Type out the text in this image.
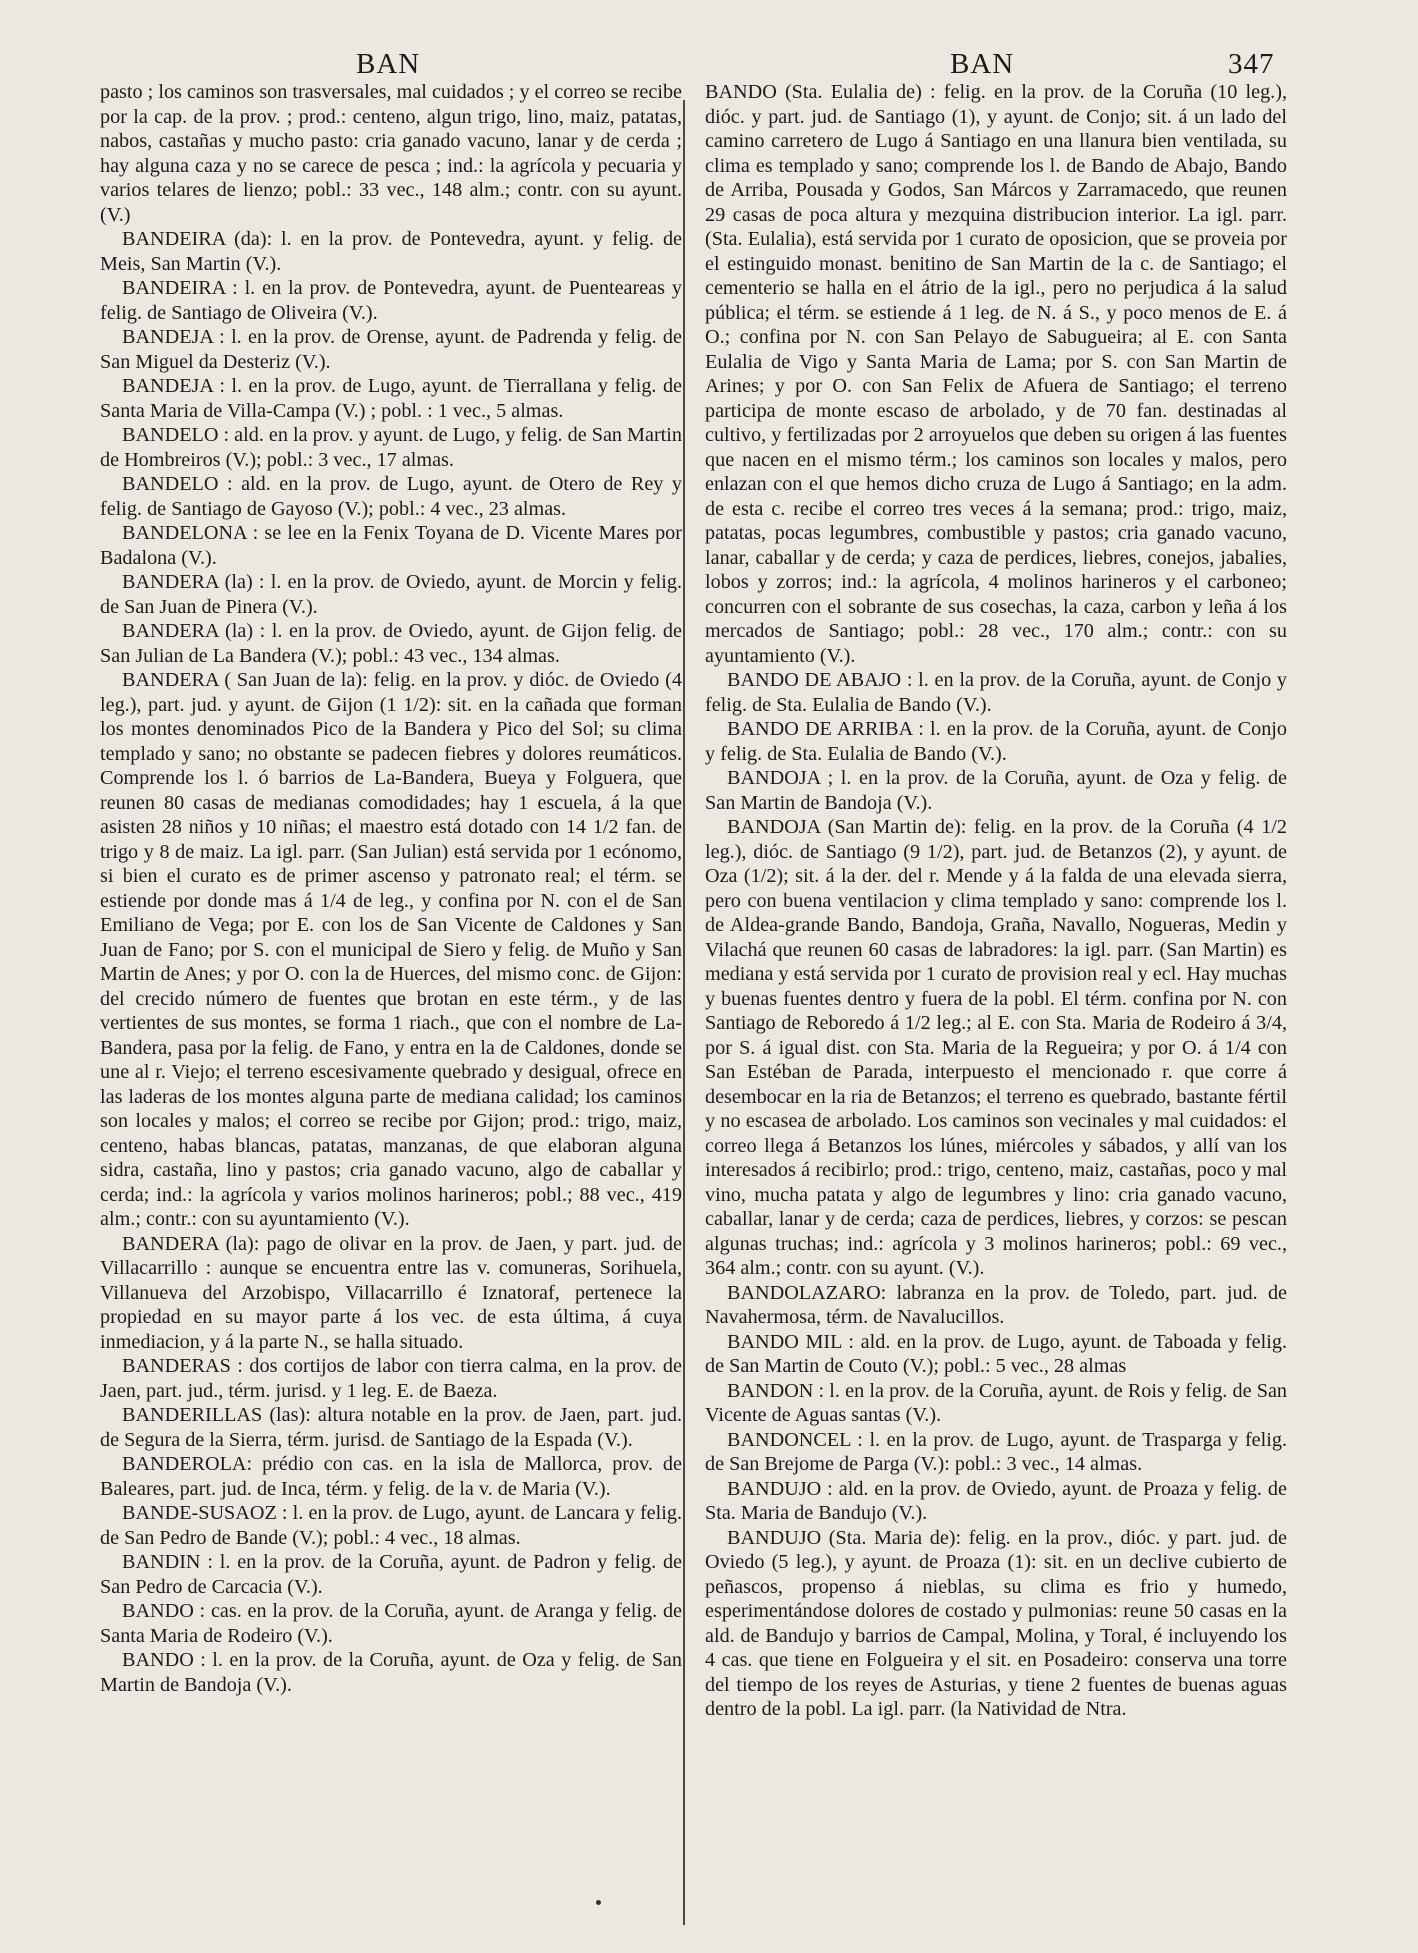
BAN	BAN	347

pasto ; los caminos son trasversales, mal cuidados ; y el correo se recibe por la cap. de la prov. ; prod.: centeno, algun trigo, lino, maiz, patatas, nabos, castañas y mucho pasto: cria ganado vacuno, lanar y de cerda ; hay alguna caza y no se carece de pesca ; ind.: la agrícola y pecuaria y varios telares de lienzo; pobl.: 33 vec., 148 alm.; contr. con su ayunt. (V.)

BANDEIRA (da): l. en la prov. de Pontevedra, ayunt. y felig. de Meis, San Martin (V.).

BANDEIRA : l. en la prov. de Pontevedra, ayunt. de Puenteareas y felig. de Santiago de Oliveira (V.).

BANDEJA : l. en la prov. de Orense, ayunt. de Padrenda y felig. de San Miguel da Desteriz (V.).

BANDEJA : l. en la prov. de Lugo, ayunt. de Tierrallana y felig. de Santa Maria de Villa-Campa (V.) ; pobl. : 1 vec., 5 almas.

BANDELO : ald. en la prov. y ayunt. de Lugo, y felig. de San Martin de Hombreiros (V.); pobl.: 3 vec., 17 almas.

BANDELO : ald. en la prov. de Lugo, ayunt. de Otero de Rey y felig. de Santiago de Gayoso (V.); pobl.: 4 vec., 23 almas.

BANDELONA : se lee en la Fenix Toyana de D. Vicente Mares por Badalona (V.).

BANDERA (la) : l. en la prov. de Oviedo, ayunt. de Morcin y felig. de San Juan de Pinera (V.).

BANDERA (la) : l. en la prov. de Oviedo, ayunt. de Gijon felig. de San Julian de La Bandera (V.); pobl.: 43 vec., 134 almas.

BANDERA ( San Juan de la): felig. en la prov. y dióc. de Oviedo (4 leg.), part. jud. y ayunt. de Gijon (1 1/2): sit. en la cañada que forman los montes denominados Pico de la Bandera y Pico del Sol; su clima templado y sano; no obstante se padecen fiebres y dolores reumáticos. Comprende los l. ó barrios de La-Bandera, Bueya y Folguera, que reunen 80 casas de medianas comodidades; hay 1 escuela, á la que asisten 28 niños y 10 niñas; el maestro está dotado con 14 1/2 fan. de trigo y 8 de maiz. La igl. parr. (San Julian) está servida por 1 ecónomo, si bien el curato es de primer ascenso y patronato real; el térm. se estiende por donde mas á 1/4 de leg., y confina por N. con el de San Emiliano de Vega; por E. con los de San Vicente de Caldones y San Juan de Fano; por S. con el municipal de Siero y felig. de Muño y San Martin de Anes; y por O. con la de Huerces, del mismo conc. de Gijon: del crecido número de fuentes que brotan en este térm., y de las vertientes de sus montes, se forma 1 riach., que con el nombre de La-Bandera, pasa por la felig. de Fano, y entra en la de Caldones, donde se une al r. Viejo; el terreno escesivamente quebrado y desigual, ofrece en las laderas de los montes alguna parte de mediana calidad; los caminos son locales y malos; el correo se recibe por Gijon; prod.: trigo, maiz, centeno, habas blancas, patatas, manzanas, de que elaboran alguna sidra, castaña, lino y pastos; cria ganado vacuno, algo de caballar y cerda; ind.: la agrícola y varios molinos harineros; pobl.; 88 vec., 419 alm.; contr.: con su ayuntamiento (V.).

BANDERA (la): pago de olivar en la prov. de Jaen, y part. jud. de Villacarrillo : aunque se encuentra entre las v. comuneras, Sorihuela, Villanueva del Arzobispo, Villacarrillo é Iznatoraf, pertenece la propiedad en su mayor parte á los vec. de esta última, á cuya inmediacion, y á la parte N., se halla situado.

BANDERAS : dos cortijos de labor con tierra calma, en la prov. de Jaen, part. jud., térm. jurisd. y 1 leg. E. de Baeza.

BANDERILLAS (las): altura notable en la prov. de Jaen, part. jud. de Segura de la Sierra, térm. jurisd. de Santiago de la Espada (V.).

BANDEROLA: prédio con cas. en la isla de Mallorca, prov. de Baleares, part. jud. de Inca, térm. y felig. de la v. de Maria (V.).

BANDE-SUSAOZ : l. en la prov. de Lugo, ayunt. de Lancara y felig. de San Pedro de Bande (V.); pobl.: 4 vec., 18 almas.

BANDIN : l. en la prov. de la Coruña, ayunt. de Padron y felig. de San Pedro de Carcacia (V.).

BANDO : cas. en la prov. de la Coruña, ayunt. de Aranga y felig. de Santa Maria de Rodeiro (V.).

BANDO : l. en la prov. de la Coruña, ayunt. de Oza y felig. de San Martin de Bandoja (V.).

BANDO (Sta. Eulalia de) : felig. en la prov. de la Coruña (10 leg.), dióc. y part. jud. de Santiago (1), y ayunt. de Conjo; sit. á un lado del camino carretero de Lugo á Santiago en una llanura bien ventilada, su clima es templado y sano; comprende los l. de Bando de Abajo, Bando de Arriba, Pousada y Godos, San Márcos y Zarramacedo, que reunen 29 casas de poca altura y mezquina distribucion interior. La igl. parr. (Sta. Eulalia), está servida por 1 curato de oposicion, que se proveia por el estinguido monast. benitino de San Martin de la c. de Santiago; el cementerio se halla en el átrio de la igl., pero no perjudica á la salud pública; el térm. se estiende á 1 leg. de N. á S., y poco menos de E. á O.; confina por N. con San Pelayo de Sabugueira; al E. con Santa Eulalia de Vigo y Santa Maria de Lama; por S. con San Martin de Arines; y por O. con San Felix de Afuera de Santiago; el terreno participa de monte escaso de arbolado, y de 70 fan. destinadas al cultivo, y fertilizadas por 2 arroyuelos que deben su origen á las fuentes que nacen en el mismo térm.; los caminos son locales y malos, pero enlazan con el que hemos dicho cruza de Lugo á Santiago; en la adm. de esta c. recibe el correo tres veces á la semana; prod.: trigo, maiz, patatas, pocas legumbres, combustible y pastos; cria ganado vacuno, lanar, caballar y de cerda; y caza de perdices, liebres, conejos, jabalies, lobos y zorros; ind.: la agrícola, 4 molinos harineros y el carboneo; concurren con el sobrante de sus cosechas, la caza, carbon y leña á los mercados de Santiago; pobl.: 28 vec., 170 alm.; contr.: con su ayuntamiento (V.).

BANDO DE ABAJO : l. en la prov. de la Coruña, ayunt. de Conjo y felig. de Sta. Eulalia de Bando (V.).

BANDO DE ARRIBA : l. en la prov. de la Coruña, ayunt. de Conjo y felig. de Sta. Eulalia de Bando (V.).

BANDOJA ; l. en la prov. de la Coruña, ayunt. de Oza y felig. de San Martin de Bandoja (V.).

BANDOJA (San Martin de): felig. en la prov. de la Coruña (4 1/2 leg.), dióc. de Santiago (9 1/2), part. jud. de Betanzos (2), y ayunt. de Oza (1/2); sit. á la der. del r. Mende y á la falda de una elevada sierra, pero con buena ventilacion y clima templado y sano: comprende los l. de Aldea-grande Bando, Bandoja, Graña, Navallo, Nogueras, Medin y Vilachá que reunen 60 casas de labradores: la igl. parr. (San Martin) es mediana y está servida por 1 curato de provision real y ecl. Hay muchas y buenas fuentes dentro y fuera de la pobl. El térm. confina por N. con Santiago de Reboredo á 1/2 leg.; al E. con Sta. Maria de Rodeiro á 3/4, por S. á igual dist. con Sta. Maria de la Regueira; y por O. á 1/4 con San Estéban de Parada, interpuesto el mencionado r. que corre á desembocar en la ria de Betanzos; el terreno es quebrado, bastante fértil y no escasea de arbolado. Los caminos son vecinales y mal cuidados: el correo llega á Betanzos los lúnes, miércoles y sábados, y allí van los interesados á recibirlo; prod.: trigo, centeno, maiz, castañas, poco y mal vino, mucha patata y algo de legumbres y lino: cria ganado vacuno, caballar, lanar y de cerda; caza de perdices, liebres, y corzos: se pescan algunas truchas; ind.: agrícola y 3 molinos harineros; pobl.: 69 vec., 364 alm.; contr. con su ayunt. (V.).

BANDOLAZARO: labranza en la prov. de Toledo, part. jud. de Navahermosa, térm. de Navalucillos.

BANDO MIL : ald. en la prov. de Lugo, ayunt. de Taboada y felig. de San Martin de Couto (V.); pobl.: 5 vec., 28 almas

BANDON : l. en la prov. de la Coruña, ayunt. de Rois y felig. de San Vicente de Aguas santas (V.).

BANDONCEL : l. en la prov. de Lugo, ayunt. de Trasparga y felig. de San Brejome de Parga (V.): pobl.: 3 vec., 14 almas.

BANDUJO : ald. en la prov. de Oviedo, ayunt. de Proaza y felig. de Sta. Maria de Bandujo (V.).

BANDUJO (Sta. Maria de): felig. en la prov., dióc. y part. jud. de Oviedo (5 leg.), y ayunt. de Proaza (1): sit. en un declive cubierto de peñascos, propenso á nieblas, su clima es frio y humedo, esperimentándose dolores de costado y pulmonias: reune 50 casas en la ald. de Bandujo y barrios de Campal, Molina, y Toral, é incluyendo los 4 cas. que tiene en Folgueira y el sit. en Posadeiro: conserva una torre del tiempo de los reyes de Asturias, y tiene 2 fuentes de buenas aguas dentro de la pobl. La igl. parr. (la Natividad de Ntra.
